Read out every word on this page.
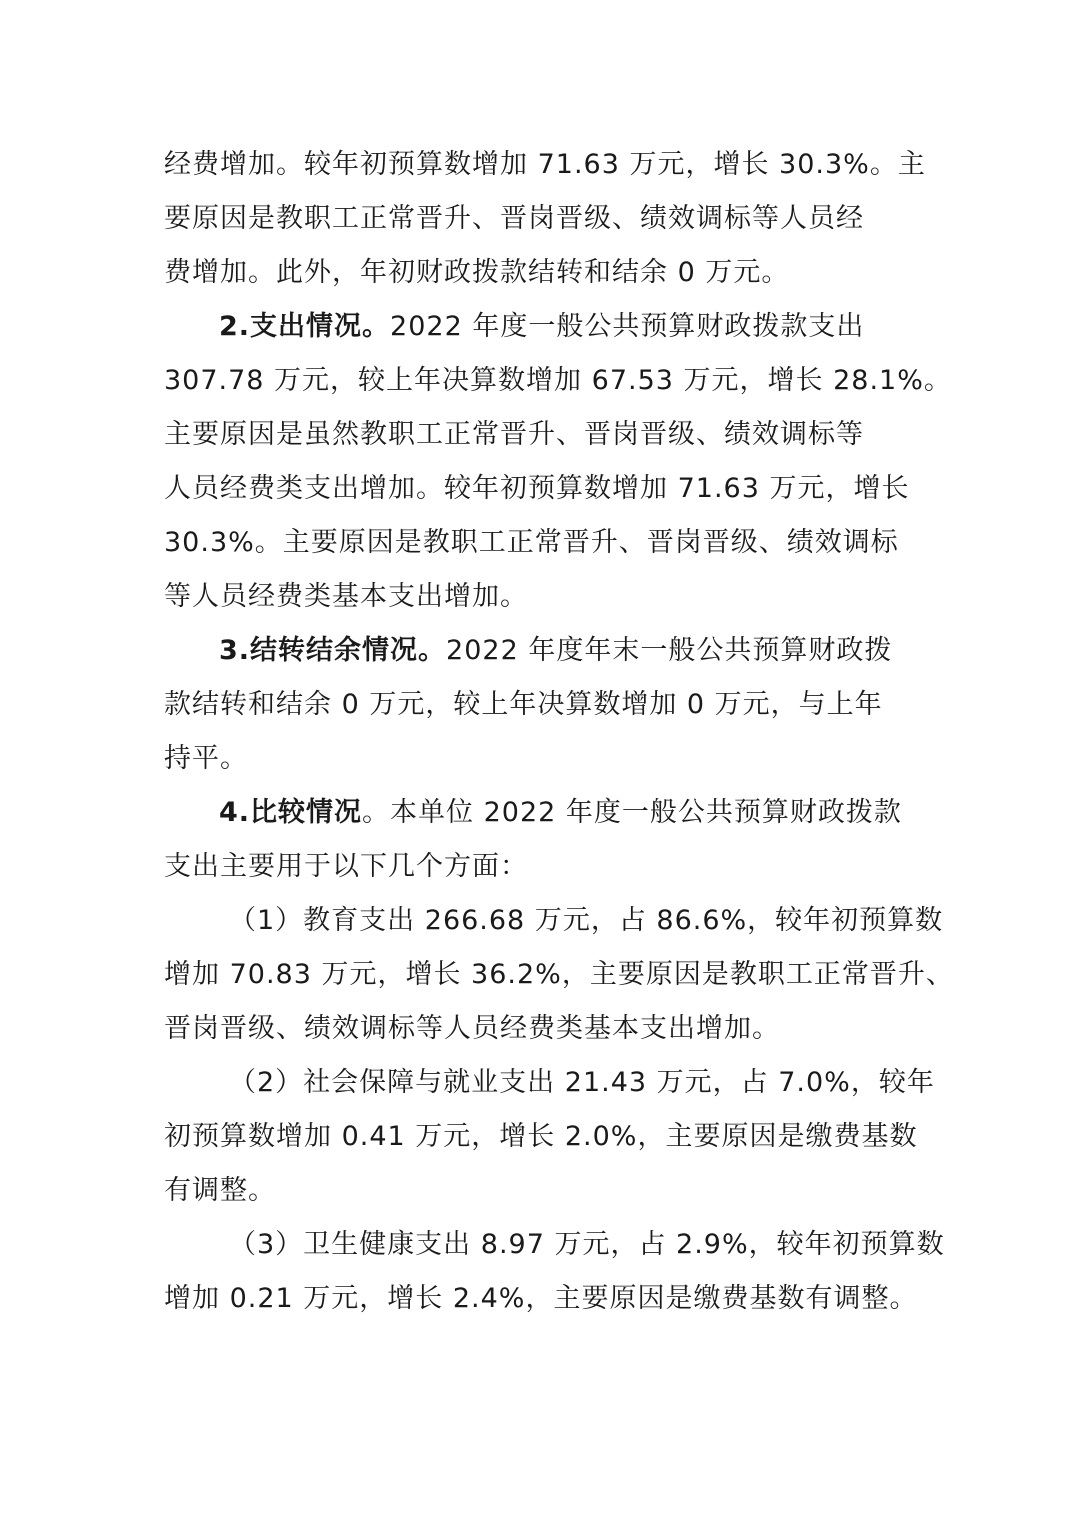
经费增加。较年初预算数增加 71.63 万元，增长 30.3%。主
要原因是教职工正常晋升、晋岗晋级、绩效调标等人员经
费增加。此外，年初财政拨款结转和结余 0 万元。
2.支出情况。2022 年度一般公共预算财政拨款支出
307.78 万元，较上年决算数增加 67.53 万元，增长 28.1%。
主要原因是虽然教职工正常晋升、晋岗晋级、绩效调标等
人员经费类支出增加。较年初预算数增加 71.63 万元，增长
30.3%。主要原因是教职工正常晋升、晋岗晋级、绩效调标
等人员经费类基本支出增加。
3.结转结余情况。2022 年度年末一般公共预算财政拨
款结转和结余 0 万元，较上年决算数增加 0 万元，与上年
持平。
4.比较情况。本单位 2022 年度一般公共预算财政拨款
支出主要用于以下几个方面：
（1）教育支出 266.68 万元，占 86.6%，较年初预算数
增加 70.83 万元，增长 36.2%，主要原因是教职工正常晋升、
晋岗晋级、绩效调标等人员经费类基本支出增加。
（2）社会保障与就业支出 21.43 万元，占 7.0%，较年
初预算数增加 0.41 万元，增长 2.0%，主要原因是缴费基数
有调整。
（3）卫生健康支出 8.97 万元，占 2.9%，较年初预算数
增加 0.21 万元，增长 2.4%，主要原因是缴费基数有调整。
